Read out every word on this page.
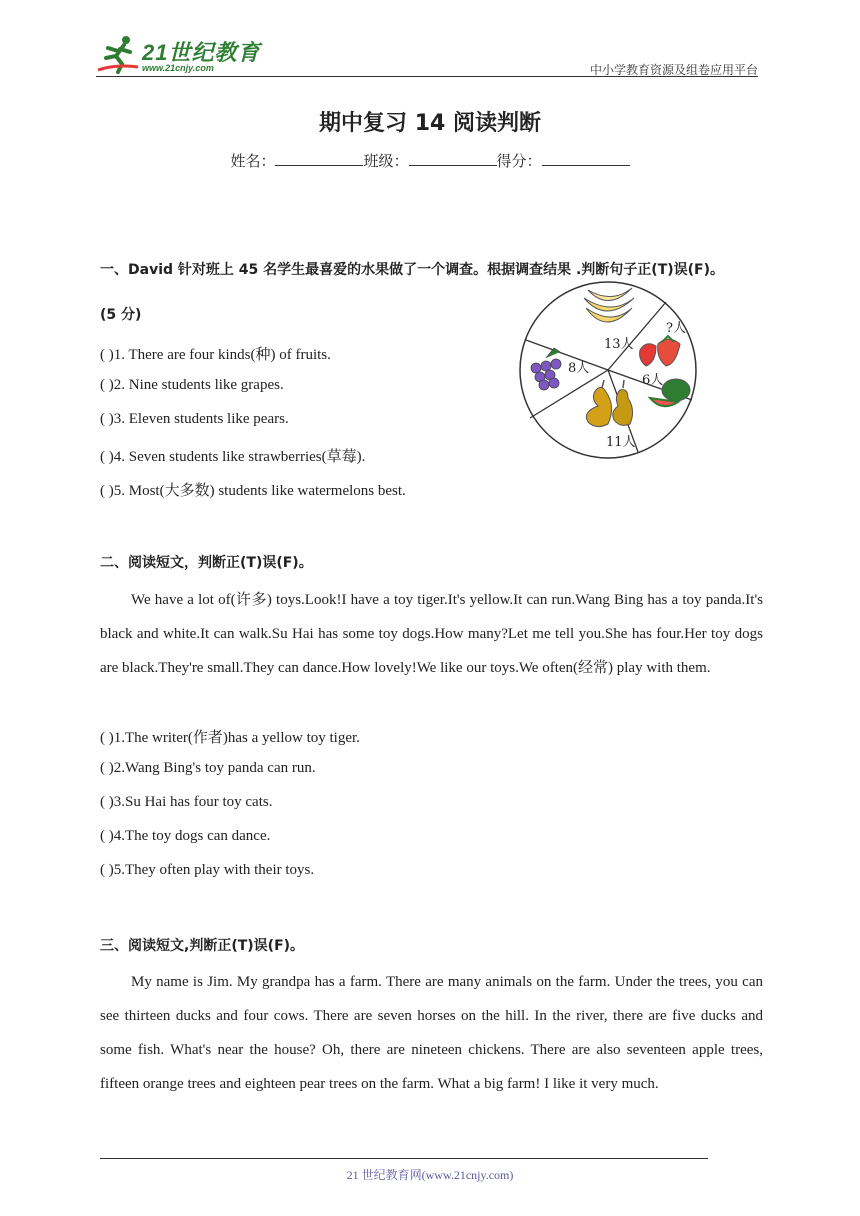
21世纪教育
www.21cnjy.com	中小学教育资源及组卷应用平台
期中复习 14 阅读判断
姓名：	班级：	得分：
一、David 针对班上 45 名学生最喜爱的水果做了一个调查。根据调查结果 .判断句子正(T)误(F)。
(5 分)
( )1. There are four kinds(种) of fruits.
( )2. Nine students like grapes.
( )3. Eleven students like pears.
( )4. Seven students like strawberries(草莓).
( )5. Most(大多数) students like watermelons best.
13人
?人
6人
11人
8人
二、阅读短文，判断正(T)误(F)。
We have a lot of(许多) toys.Look!I have a toy tiger.It's yellow.It can run.Wang Bing has a toy panda.It's black and white.It can walk.Su Hai has some toy dogs.How many?Let me tell you.She has four.Her toy dogs are black.They're small.They can dance.How lovely!We like our toys.We often(经常) play with them.
( )1.The writer(作者)has a yellow toy tiger.
( )2.Wang Bing's toy panda can run.
( )3.Su Hai has four toy cats.
( )4.The toy dogs can dance.
( )5.They often play with their toys.
三、阅读短文,判断正(T)误(F)。
My name is Jim. My grandpa has a farm. There are many animals on the farm. Under the trees, you can see thirteen ducks and four cows. There are seven horses on the hill. In the river, there are five ducks and some fish. What's near the house? Oh, there are nineteen chickens. There are also seventeen apple trees, fifteen orange trees and eighteen pear trees on the farm. What a big farm! I like it very much.
21 世纪教育网(www.21cnjy.com)
